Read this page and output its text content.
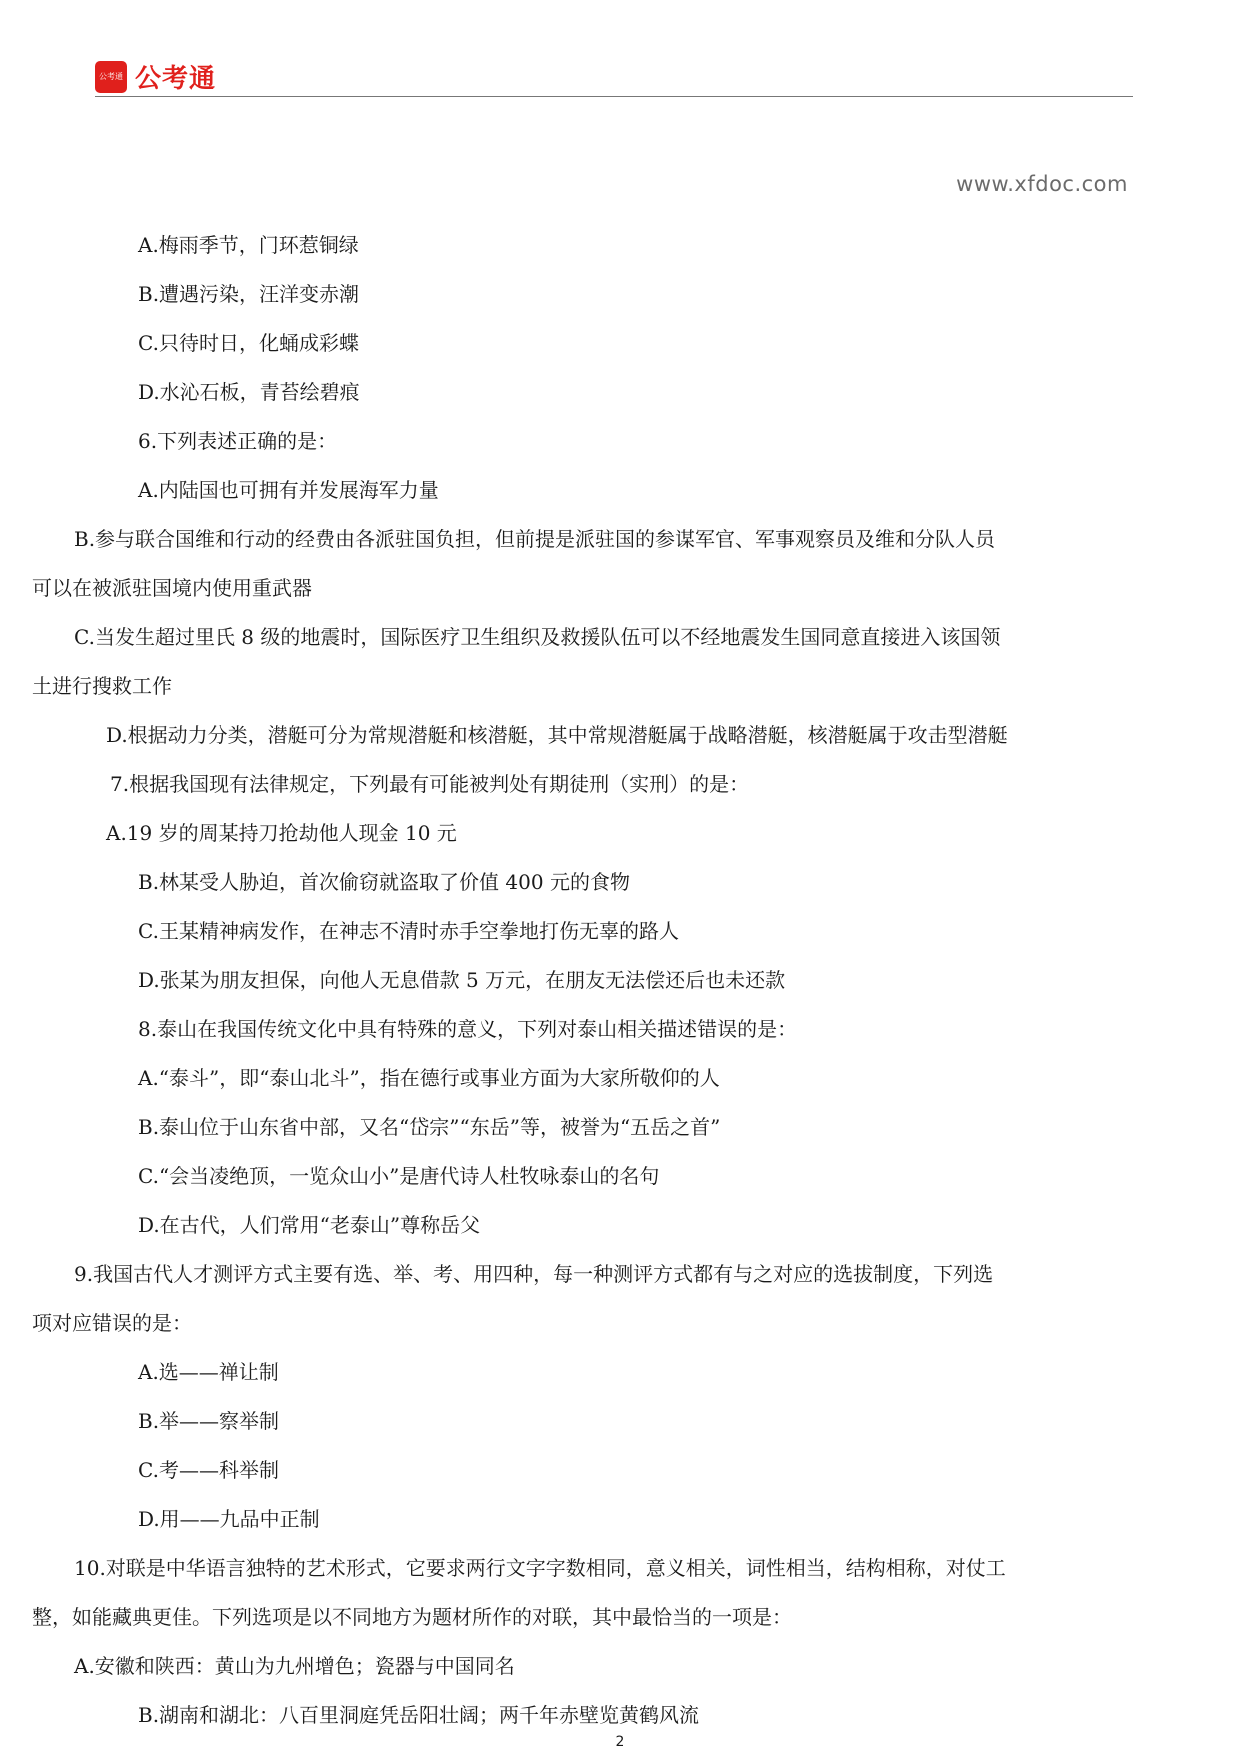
公考通 公考通
www.xfdoc.com
A.梅雨季节，门环惹铜绿
B.遭遇污染，汪洋变赤潮
C.只待时日，化蛹成彩蝶
D.水沁石板，青苔绘碧痕
6.下列表述正确的是：
A.内陆国也可拥有并发展海军力量
B.参与联合国维和行动的经费由各派驻国负担，但前提是派驻国的参谋军官、军事观察员及维和分队人员
可以在被派驻国境内使用重武器
C.当发生超过里氏 8 级的地震时，国际医疗卫生组织及救援队伍可以不经地震发生国同意直接进入该国领
土进行搜救工作
D.根据动力分类，潜艇可分为常规潜艇和核潜艇，其中常规潜艇属于战略潜艇，核潜艇属于攻击型潜艇
7.根据我国现有法律规定，下列最有可能被判处有期徒刑（实刑）的是：
A.19 岁的周某持刀抢劫他人现金 10 元
B.林某受人胁迫，首次偷窃就盗取了价值 400 元的食物
C.王某精神病发作，在神志不清时赤手空拳地打伤无辜的路人
D.张某为朋友担保，向他人无息借款 5 万元，在朋友无法偿还后也未还款
8.泰山在我国传统文化中具有特殊的意义，下列对泰山相关描述错误的是：
A.“泰斗”，即“泰山北斗”，指在德行或事业方面为大家所敬仰的人
B.泰山位于山东省中部，又名“岱宗”“东岳”等，被誉为“五岳之首”
C.“会当凌绝顶，一览众山小”是唐代诗人杜牧咏泰山的名句
D.在古代，人们常用“老泰山”尊称岳父
9.我国古代人才测评方式主要有选、举、考、用四种，每一种测评方式都有与之对应的选拔制度，下列选
项对应错误的是：
A.选——禅让制
B.举——察举制
C.考——科举制
D.用——九品中正制
10.对联是中华语言独特的艺术形式，它要求两行文字字数相同，意义相关，词性相当，结构相称，对仗工
整，如能藏典更佳。下列选项是以不同地方为题材所作的对联，其中最恰当的一项是：
A.安徽和陕西：黄山为九州增色；瓷器与中国同名
B.湖南和湖北：八百里洞庭凭岳阳壮阔；两千年赤壁览黄鹤风流
2
